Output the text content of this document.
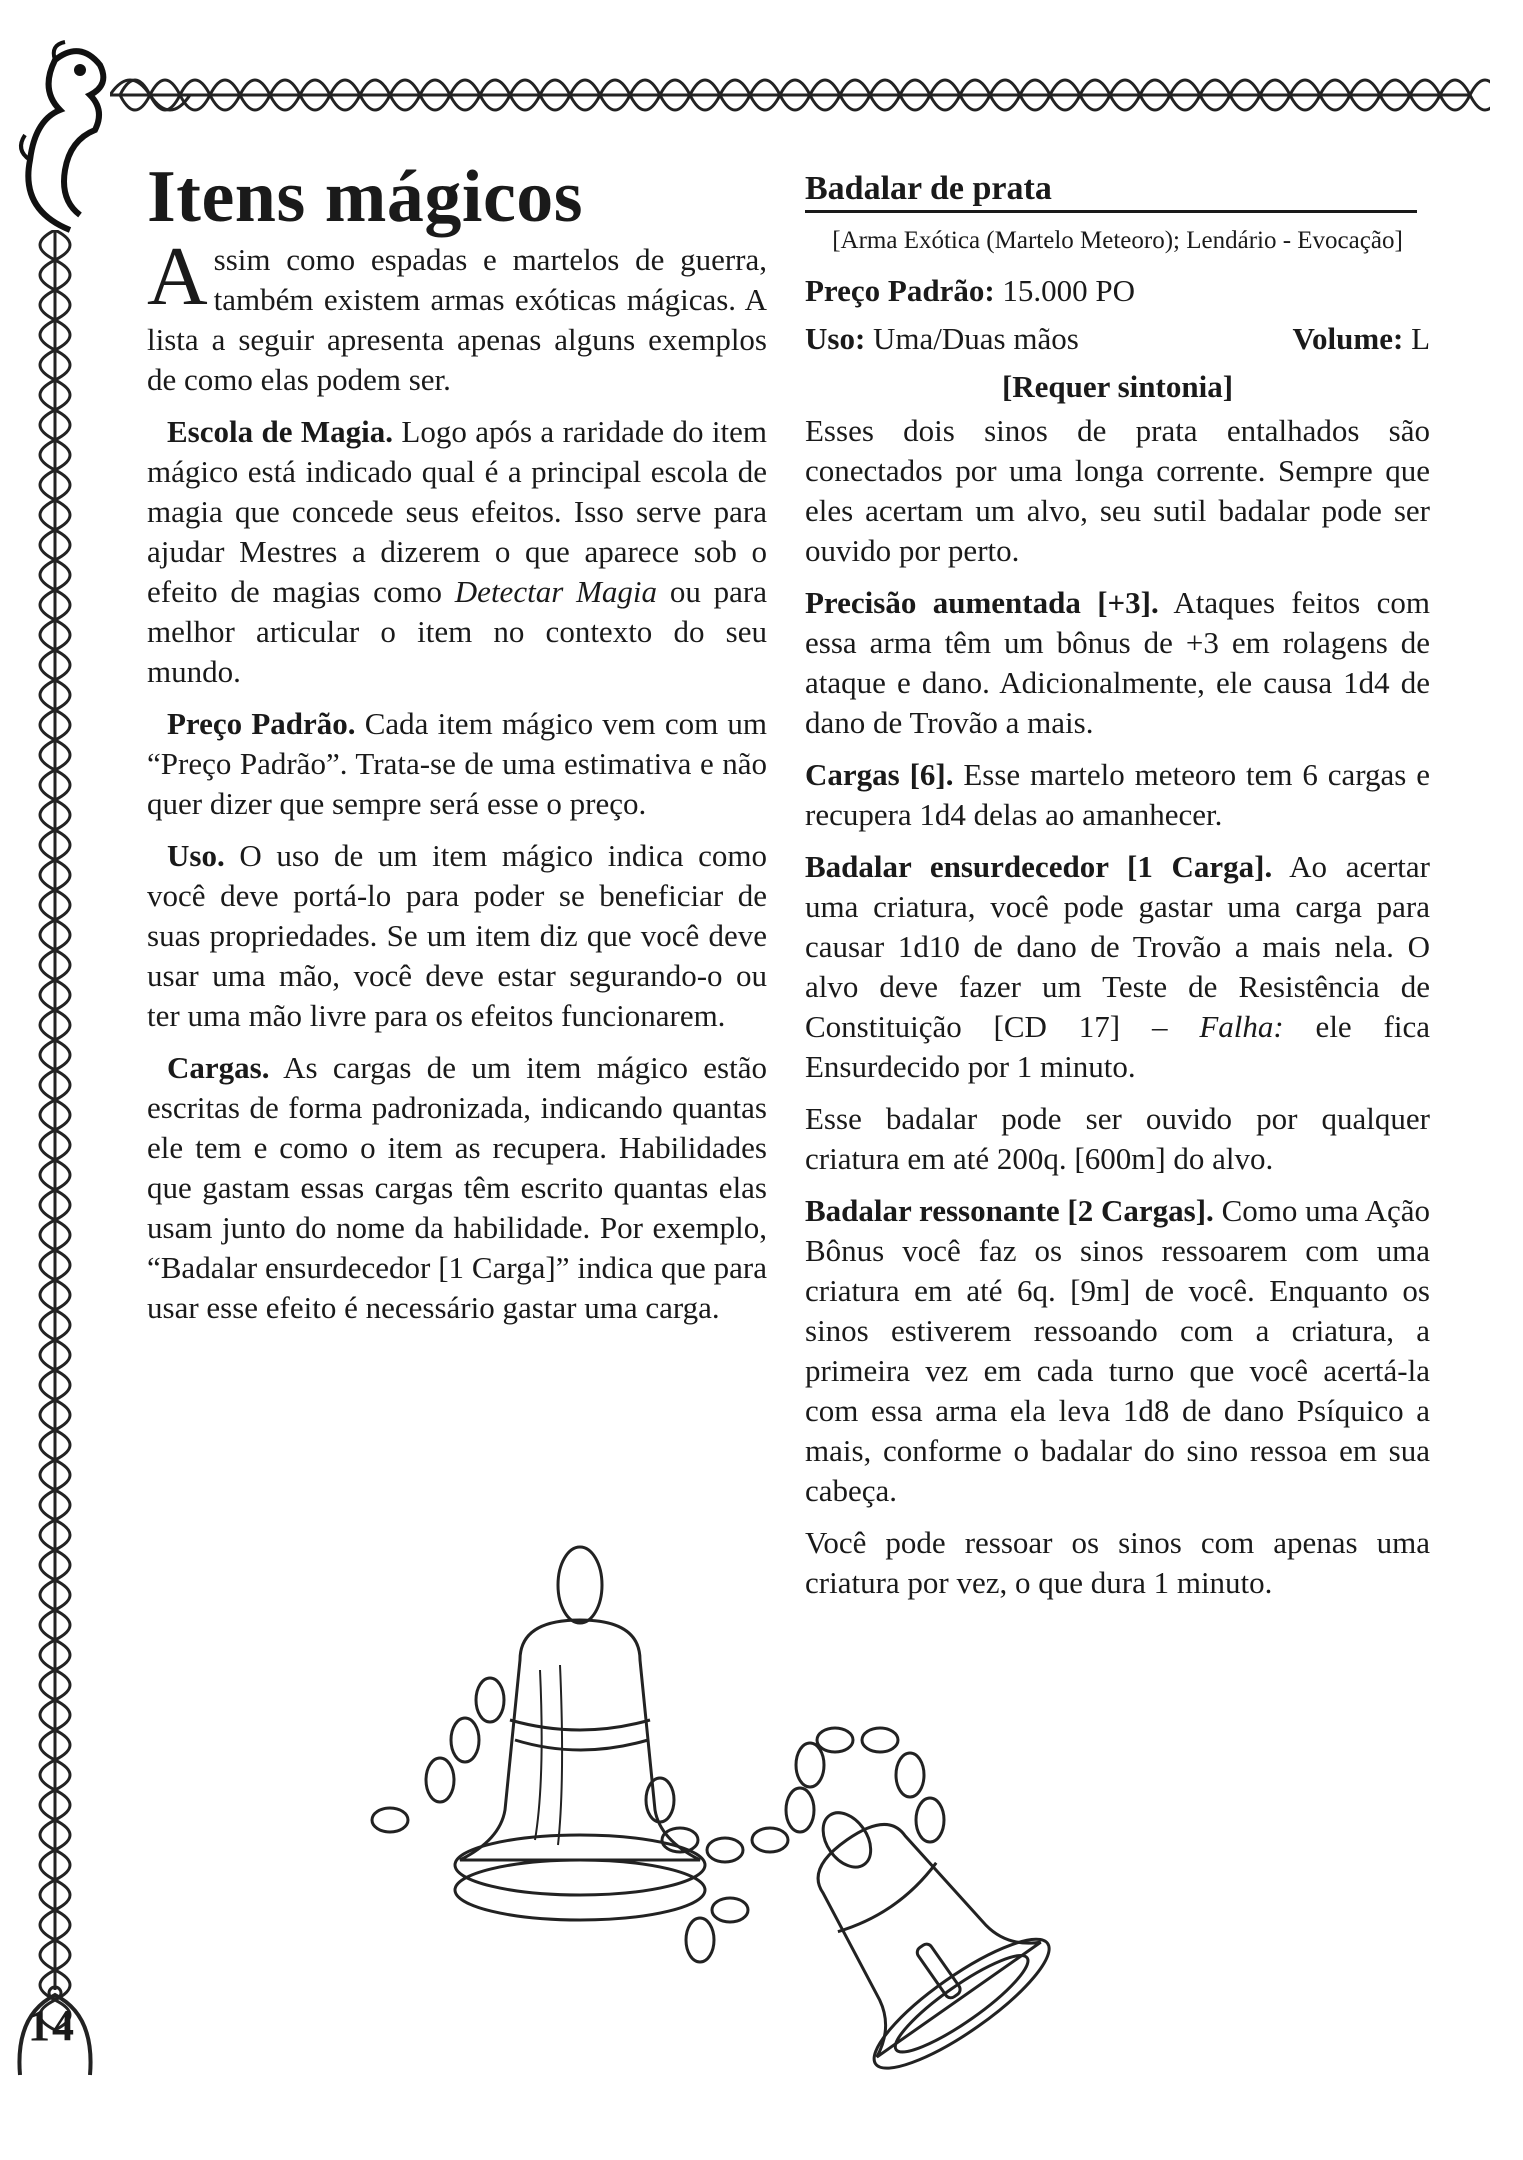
14
Itens mágicos

Assim como espadas e martelos de guerra, também existem armas exóticas mágicas. A lista a seguir apresenta apenas alguns exemplos de como elas podem ser.

Escola de Magia. Logo após a raridade do item mágico está indicado qual é a principal escola de magia que concede seus efeitos. Isso serve para ajudar Mestres a dizerem o que aparece sob o efeito de magias como Detectar Magia ou para melhor articular o item no contexto do seu mundo.

Preço Padrão. Cada item mágico vem com um “Preço Padrão”. Trata-se de uma estimativa e não quer dizer que sempre será esse o preço.

Uso. O uso de um item mágico indica como você deve portá-lo para poder se beneficiar de suas propriedades. Se um item diz que você deve usar uma mão, você deve estar segurando-o ou ter uma mão livre para os efeitos funcionarem.

Cargas. As cargas de um item mágico estão escritas de forma padronizada, indicando quantas ele tem e como o item as recupera. Habilidades que gastam essas cargas têm escrito quantas elas usam junto do nome da habilidade. Por exemplo, “Badalar ensurdecedor [1 Carga]” indica que para usar esse efeito é necessário gastar uma carga.

Badalar de prata
[Arma Exótica (Martelo Meteoro); Lendário - Evocação]
Preço Padrão: 15.000 PO
Uso: Uma/Duas mãos	Volume: L
[Requer sintonia]

Esses dois sinos de prata entalhados são conectados por uma longa corrente. Sempre que eles acertam um alvo, seu sutil badalar pode ser ouvido por perto.

Precisão aumentada [+3]. Ataques feitos com essa arma têm um bônus de +3 em rolagens de ataque e dano. Adicionalmente, ele causa 1d4 de dano de Trovão a mais.

Cargas [6]. Esse martelo meteoro tem 6 cargas e recupera 1d4 delas ao amanhecer.

Badalar ensurdecedor [1 Carga]. Ao acertar uma criatura, você pode gastar uma carga para causar 1d10 de dano de Trovão a mais nela. O alvo deve fazer um Teste de Resistência de Constituição [CD 17] – Falha: ele fica Ensurdecido por 1 minuto.

Esse badalar pode ser ouvido por qualquer criatura em até 200q. [600m] do alvo.

Badalar ressonante [2 Cargas]. Como uma Ação Bônus você faz os sinos ressoarem com uma criatura em até 6q. [9m] de você. Enquanto os sinos estiverem ressoando com a criatura, a primeira vez em cada turno que você acertá-la com essa arma ela leva 1d8 de dano Psíquico a mais, conforme o badalar do sino ressoa em sua cabeça.

Você pode ressoar os sinos com apenas uma criatura por vez, o que dura 1 minuto.
